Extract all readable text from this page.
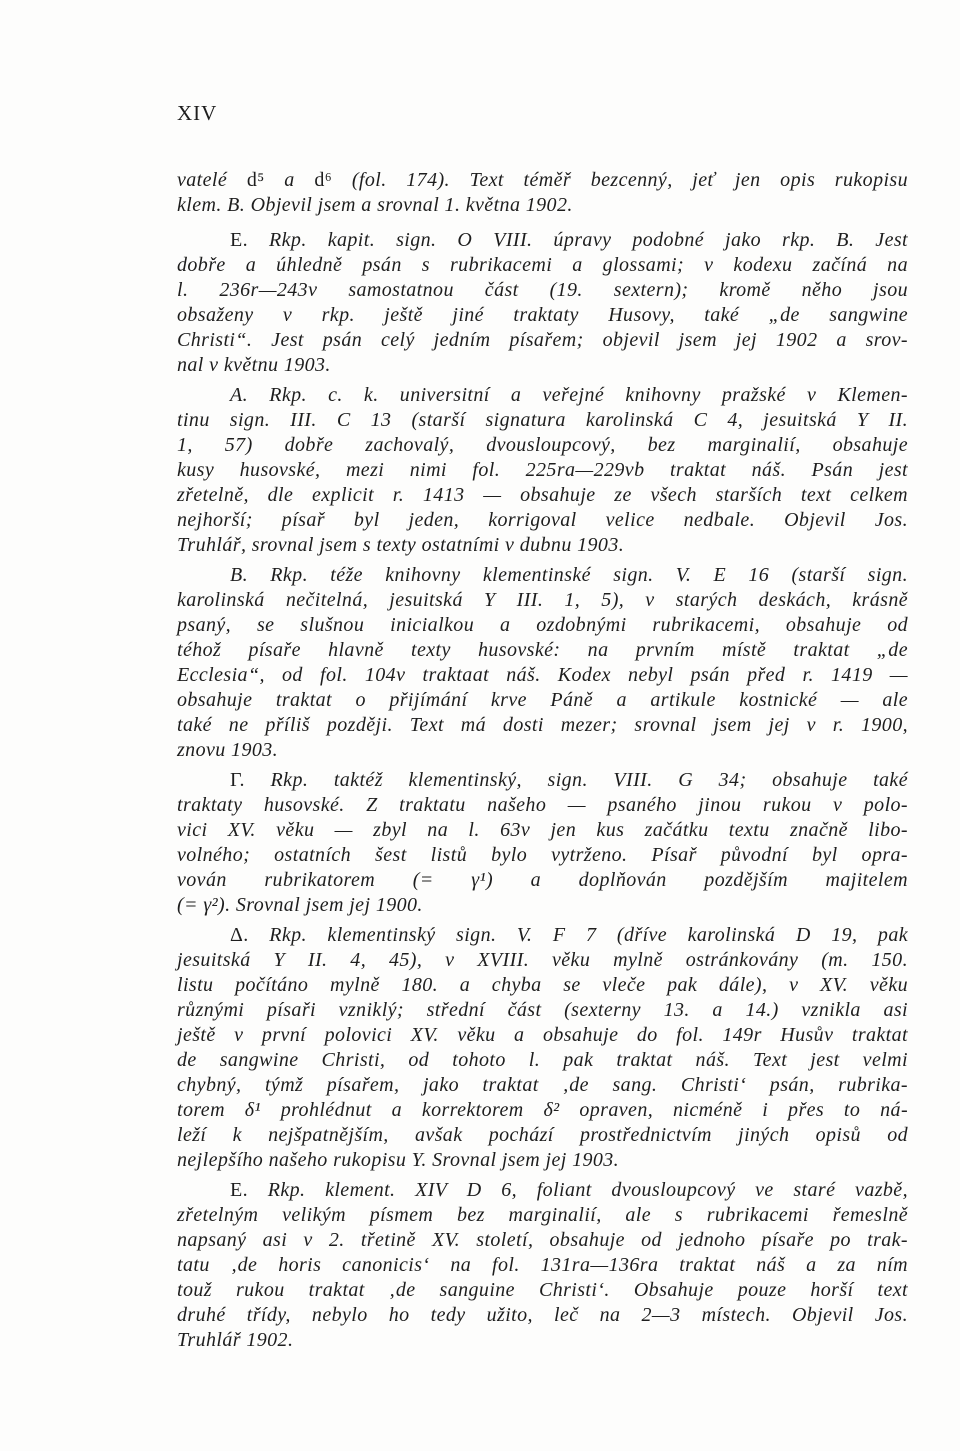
XIV
vatelé d⁵ a d⁶ (fol. 174). Text téměř bezcenný, jeť jen opis rukopisu
klem. B. Objevil jsem a srovnal 1. května 1902.
E. Rkp. kapit. sign. O VIII. úpravy podobné jako rkp. B. Jest
dobře a úhledně psán s rubrikacemi a glossami; v kodexu začíná na
l. 236r—243v samostatnou část (19. sextern); kromě něho jsou
obsaženy v rkp. ještě jiné traktaty Husovy, také „de sangwine
Christi“. Jest psán celý jedním písařem; objevil jsem jej 1902 a srov-
nal v květnu 1903.
A. Rkp. c. k. universitní a veřejné knihovny pražské v Klemen-
tinu sign. III. C 13 (starší signatura karolinská C 4, jesuitská Y II.
1, 57) dobře zachovalý, dvousloupcový, bez marginalií, obsahuje
kusy husovské, mezi nimi fol. 225ra—229vb traktat náš. Psán jest
zřetelně, dle explicit r. 1413 — obsahuje ze všech starších text celkem
nejhorší; písař byl jeden, korrigoval velice nedbale. Objevil Jos.
Truhlář, srovnal jsem s texty ostatními v dubnu 1903.
B. Rkp. téže knihovny klementinské sign. V. E 16 (starší sign.
karolinská nečitelná, jesuitská Y III. 1, 5), v starých deskách, krásně
psaný, se slušnou inicialkou a ozdobnými rubrikacemi, obsahuje od
téhož písaře hlavně texty husovské: na prvním místě traktat „de
Ecclesia“, od fol. 104v traktaat náš. Kodex nebyl psán před r. 1419 —
obsahuje traktat o přijímání krve Páně a artikule kostnické — ale
také ne příliš později. Text má dosti mezer; srovnal jsem jej v r. 1900,
znovu 1903.
Γ. Rkp. taktéž klementinský, sign. VIII. G 34; obsahuje také
traktaty husovské. Z traktatu našeho — psaného jinou rukou v polo-
vici XV. věku — zbyl na l. 63v jen kus začátku textu značně libo-
volného; ostatních šest listů bylo vytrženo. Písař původní byl opra-
vován rubrikatorem (= γ¹) a doplňován pozdějším majitelem
(= γ²). Srovnal jsem jej 1900.
Δ. Rkp. klementinský sign. V. F 7 (dříve karolinská D 19, pak
jesuitská Y II. 4, 45), v XVIII. věku mylně ostránkovány (m. 150.
listu počítáno mylně 180. a chyba se vleče pak dále), v XV. věku
různými písaři vzniklý; střední část (sexterny 13. a 14.) vznikla asi
ještě v první polovici XV. věku a obsahuje do fol. 149r Husův traktat
de sangwine Christi, od tohoto l. pak traktat náš. Text jest velmi
chybný, týmž písařem, jako traktat ‚de sang. Christi‘ psán, rubrika-
torem δ¹ prohlédnut a korrektorem δ² opraven, nicméně i přes to ná-
leží k nejšpatnějším, avšak pochází prostřednictvím jiných opisů od
nejlepšího našeho rukopisu Y. Srovnal jsem jej 1903.
E. Rkp. klement. XIV D 6, foliant dvousloupcový ve staré vazbě,
zřetelným velikým písmem bez marginalií, ale s rubrikacemi řemeslně
napsaný asi v 2. třetině XV. století, obsahuje od jednoho písaře po trak-
tatu ‚de horis canonicis‘ na fol. 131ra—136ra traktat náš a za ním
touž rukou traktat ‚de sanguine Christi‘. Obsahuje pouze horší text
druhé třídy, nebylo ho tedy užito, leč na 2—3 místech. Objevil Jos.
Truhlář 1902.
